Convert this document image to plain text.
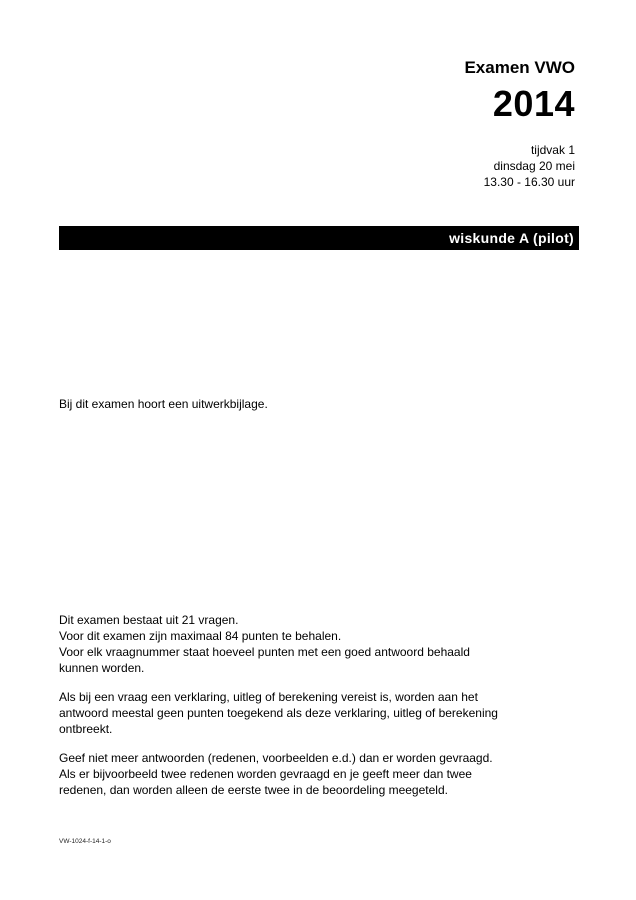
Examen VWO
2014
tijdvak 1
dinsdag 20 mei
13.30 - 16.30 uur
wiskunde A (pilot)
Bij dit examen hoort een uitwerkbijlage.

Dit examen bestaat uit 21 vragen.
Voor dit examen zijn maximaal 84 punten te behalen.
Voor elk vraagnummer staat hoeveel punten met een goed antwoord behaald
kunnen worden.

Als bij een vraag een verklaring, uitleg of berekening vereist is, worden aan het
antwoord meestal geen punten toegekend als deze verklaring, uitleg of berekening
ontbreekt.

Geef niet meer antwoorden (redenen, voorbeelden e.d.) dan er worden gevraagd.
Als er bijvoorbeeld twee redenen worden gevraagd en je geeft meer dan twee
redenen, dan worden alleen de eerste twee in de beoordeling meegeteld.

VW-1024-f-14-1-o
